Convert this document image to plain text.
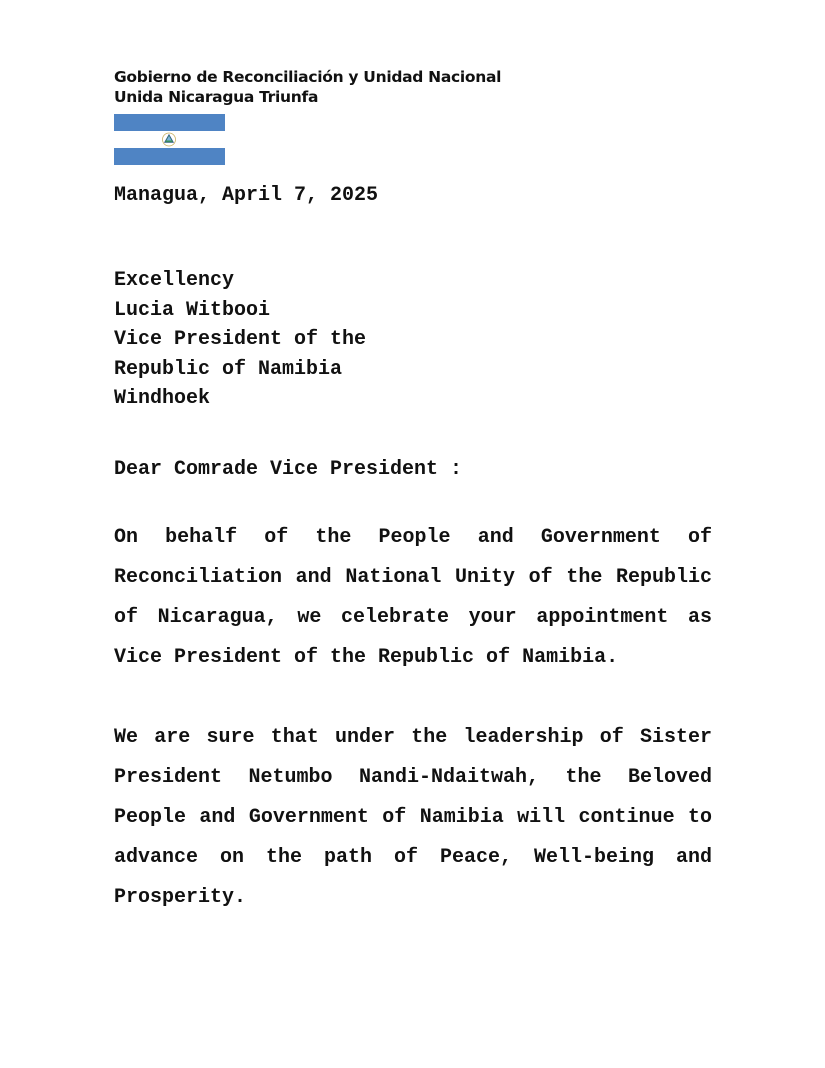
Gobierno de Reconciliación y Unidad Nacional
Unida Nicaragua Triunfa
Managua, April 7, 2025
Excellency
Lucia Witbooi
Vice President of the
Republic of Namibia
Windhoek
Dear Comrade Vice President :
On behalf of the People and Government of Reconciliation and National Unity of the Republic of Nicaragua, we celebrate your appointment as Vice President of the Republic of Namibia.
We are sure that under the leadership of Sister President Netumbo Nandi-Ndaitwah, the Beloved People and Government of Namibia will continue to advance on the path of Peace, Well-being and Prosperity.
